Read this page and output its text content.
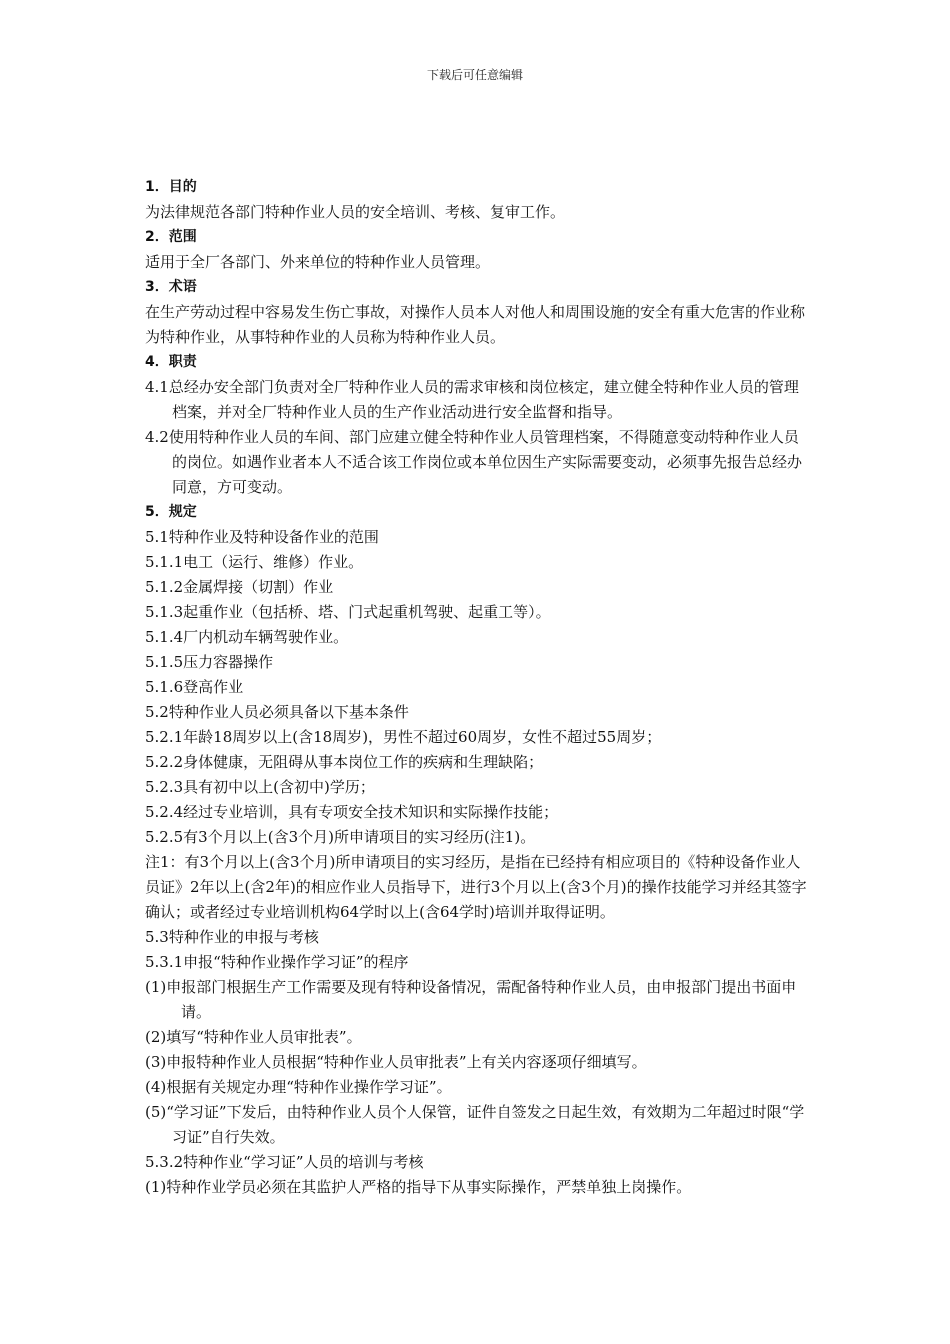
下载后可任意编辑
1．目的
为法律规范各部门特种作业人员的安全培训、考核、复审工作。
2．范围
适用于全厂各部门、外来单位的特种作业人员管理。
3．术语
在生产劳动过程中容易发生伤亡事故，对操作人员本人对他人和周围设施的安全有重大危害的作业称为特种作业，从事特种作业的人员称为特种作业人员。
4．职责
4.1总经办安全部门负责对全厂特种作业人员的需求审核和岗位核定，建立健全特种作业人员的管理档案，并对全厂特种作业人员的生产作业活动进行安全监督和指导。
4.2使用特种作业人员的车间、部门应建立健全特种作业人员管理档案，不得随意变动特种作业人员的岗位。如遇作业者本人不适合该工作岗位或本单位因生产实际需要变动，必须事先报告总经办同意，方可变动。
5．规定
5.1特种作业及特种设备作业的范围
5.1.1电工（运行、维修）作业。
5.1.2金属焊接（切割）作业
5.1.3起重作业（包括桥、塔、门式起重机驾驶、起重工等）。
5.1.4厂内机动车辆驾驶作业。
5.1.5压力容器操作
5.1.6登高作业
5.2特种作业人员必须具备以下基本条件
5.2.1年龄18周岁以上(含18周岁)，男性不超过60周岁，女性不超过55周岁；
5.2.2身体健康，无阻碍从事本岗位工作的疾病和生理缺陷；
5.2.3具有初中以上(含初中)学历；
5.2.4经过专业培训，具有专项安全技术知识和实际操作技能；
5.2.5有3个月以上(含3个月)所申请项目的实习经历(注1)。
注1：有3个月以上(含3个月)所申请项目的实习经历，是指在已经持有相应项目的《特种设备作业人员证》2年以上(含2年)的相应作业人员指导下，进行3个月以上(含3个月)的操作技能学习并经其签字确认；或者经过专业培训机构64学时以上(含64学时)培训并取得证明。
5.3特种作业的申报与考核
5.3.1申报“特种作业操作学习证”的程序
(1)申报部门根据生产工作需要及现有特种设备情况，需配备特种作业人员，由申报部门提出书面申请。
(2)填写“特种作业人员审批表”。
(3)申报特种作业人员根据“特种作业人员审批表”上有关内容逐项仔细填写。
(4)根据有关规定办理“特种作业操作学习证”。
(5)“学习证”下发后，由特种作业人员个人保管，证件自签发之日起生效，有效期为二年超过时限“学习证”自行失效。
5.3.2特种作业“学习证”人员的培训与考核
(1)特种作业学员必须在其监护人严格的指导下从事实际操作，严禁单独上岗操作。
